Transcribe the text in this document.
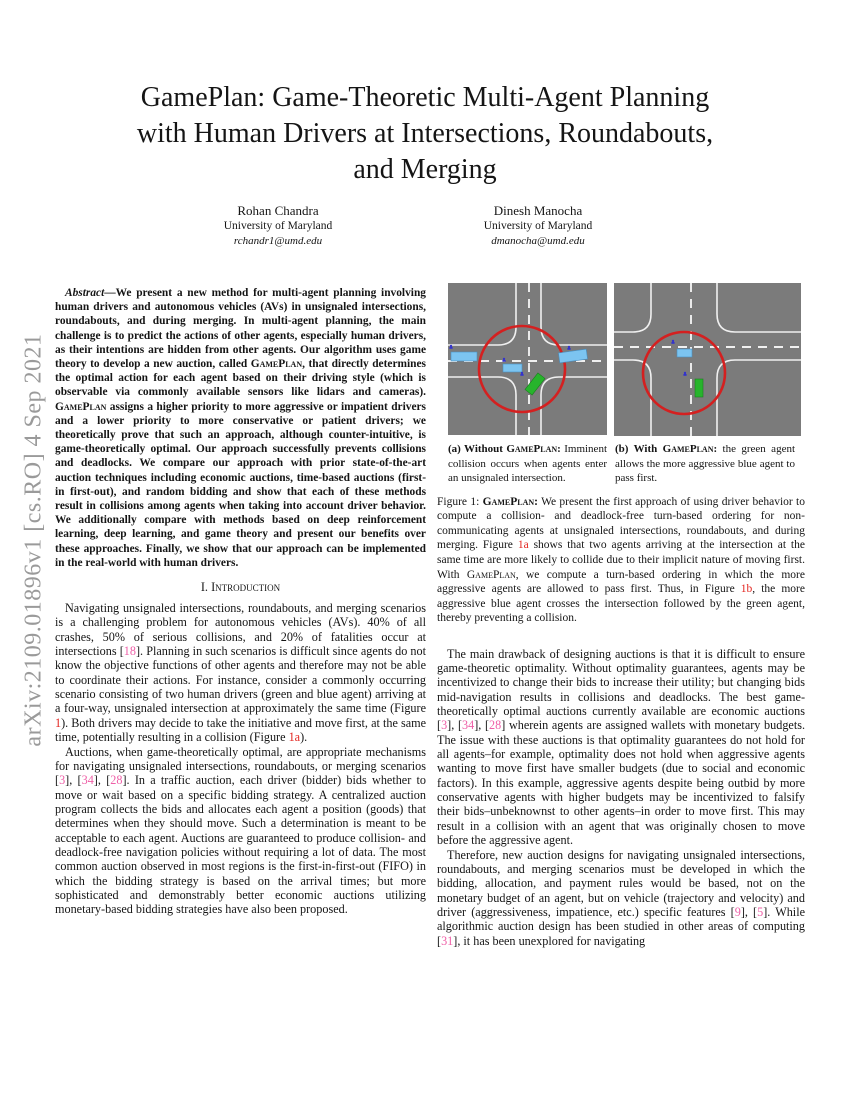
arXiv:2109.01896v1 [cs.RO] 4 Sep 2021
GamePlan: Game-Theoretic Multi-Agent Planning
with Human Drivers at Intersections, Roundabouts,
and Merging
Rohan Chandra
University of Maryland
rchandr1@umd.edu
Dinesh Manocha
University of Maryland
dmanocha@umd.edu

Abstract—We present a new method for multi-agent planning involving human drivers and autonomous vehicles (AVs) in unsignaled intersections, roundabouts, and during merging. In multi-agent planning, the main challenge is to predict the actions of other agents, especially human drivers, as their intentions are hidden from other agents. Our algorithm uses game theory to develop a new auction, called GamePlan, that directly determines the optimal action for each agent based on their driving style (which is observable via commonly available sensors like lidars and cameras). GamePlan assigns a higher priority to more aggressive or impatient drivers and a lower priority to more conservative or patient drivers; we theoretically prove that such an approach, although counter-intuitive, is game-theoretically optimal. Our approach successfully prevents collisions and deadlocks. We compare our approach with prior state-of-the-art auction techniques including economic auctions, time-based auctions (first-in first-out), and random bidding and show that each of these methods result in collisions among agents when taking into account driver behavior. We additionally compare with methods based on deep reinforcement learning, deep learning, and game theory and present our benefits over these approaches. Finally, we show that our approach can be implemented in the real-world with human drivers.

I. Introduction

Navigating unsignaled intersections, roundabouts, and merging scenarios is a challenging problem for autonomous vehicles (AVs). 40% of all crashes, 50% of serious collisions, and 20% of fatalities occur at intersections [18]. Planning in such scenarios is difficult since agents do not know the objective functions of other agents and therefore may not be able to coordinate their actions. For instance, consider a commonly occurring scenario consisting of two human drivers (green and blue agent) arriving at a four-way, unsignaled intersection at approximately the same time (Figure 1). Both drivers may decide to take the initiative and move first, at the same time, potentially resulting in a collision (Figure 1a).

Auctions, when game-theoretically optimal, are appropriate mechanisms for navigating unsignaled intersections, roundabouts, or merging scenarios [3], [34], [28]. In a traffic auction, each driver (bidder) bids whether to move or wait based on a specific bidding strategy. A centralized auction program collects the bids and allocates each agent a position (goods) that determines when they should move. Such a determination is meant to be acceptable to each agent. Auctions are guaranteed to produce collision- and deadlock-free navigation policies without requiring a lot of data. The most common auction observed in most regions is the first-in-first-out (FIFO) in which the bidding strategy is based on the arrival times; but more sophisticated and demonstrably better economic auctions utilizing monetary-based bidding strategies have also been proposed.

(a) Without GamePlan: Imminent collision occurs when agents enter an unsignaled intersection.
(b) With GamePlan: the green agent allows the more aggressive blue agent to pass first.
Figure 1: GamePlan: We present the first approach of using driver behavior to compute a collision- and deadlock-free turn-based ordering for non-communicating agents at unsignaled intersections, roundabouts, and during merging. Figure 1a shows that two agents arriving at the intersection at the same time are more likely to collide due to their implicit nature of moving first. With GamePlan, we compute a turn-based ordering in which the more aggressive agents are allowed to pass first. Thus, in Figure 1b, the more aggressive blue agent crosses the intersection followed by the green agent, thereby preventing a collision.

The main drawback of designing auctions is that it is difficult to ensure game-theoretic optimality. Without optimality guarantees, agents may be incentivized to change their bids to increase their utility; but changing bids mid-navigation results in collisions and deadlocks. The best game-theoretically optimal auctions currently available are economic auctions [3], [34], [28] wherein agents are assigned wallets with monetary budgets. The issue with these auctions is that optimality guarantees do not hold for all agents–for example, optimality does not hold when aggressive agents wanting to move first have smaller budgets (due to social and economic factors). In this example, aggressive agents despite being outbid by more conservative agents with higher budgets may be incentivized to falsify their bids–unbeknownst to other agents–in order to move first. This may result in a collision with an agent that was originally chosen to move before the aggressive agent.

Therefore, new auction designs for navigating unsignaled intersections, roundabouts, and merging scenarios must be developed in which the bidding, allocation, and payment rules would be based, not on the monetary budget of an agent, but on vehicle (trajectory and velocity) and driver (aggressiveness, impatience, etc.) specific features [9], [5]. While algorithmic auction design has been studied in other areas of computing [31], it has been unexplored for navigating
